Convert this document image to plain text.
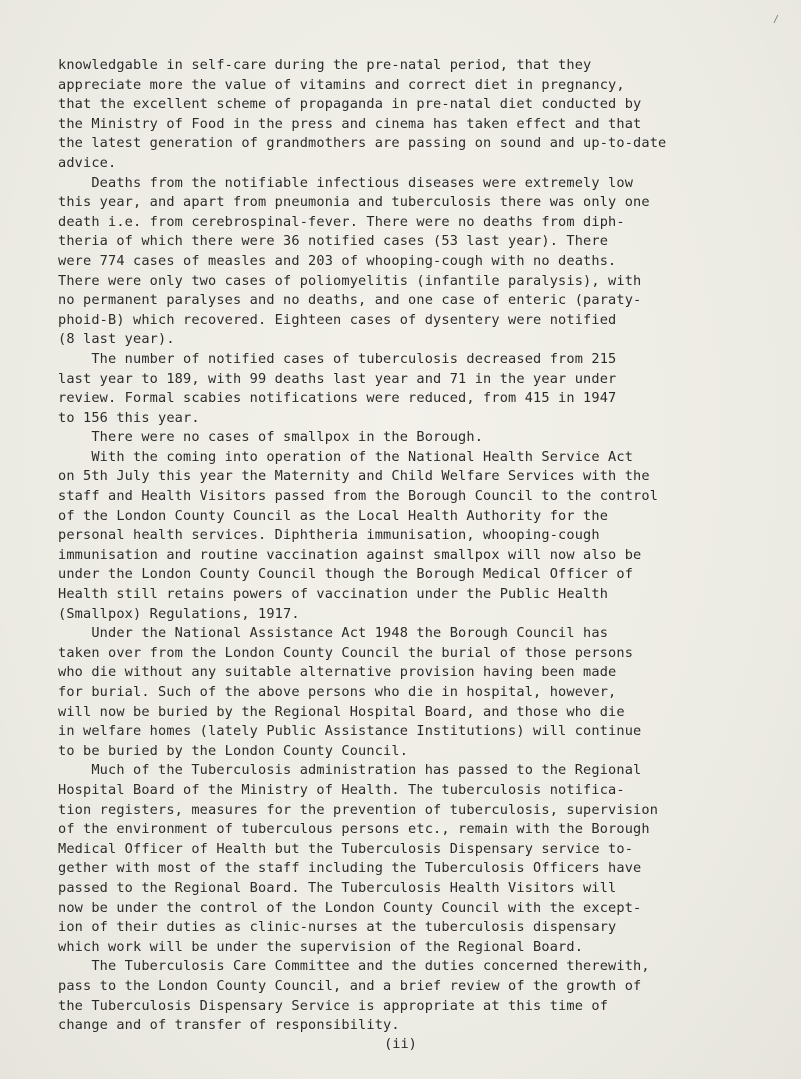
/

knowledgable in self-care during the pre-natal period, that they

appreciate more the value of vitamins and correct diet in pregnancy,

that the excellent scheme of propaganda in pre-natal diet conducted by

the Ministry of Food in the press and cinema has taken effect and that

the latest generation of grandmothers are passing on sound and up-to-date

advice.

Deaths from the notifiable infectious diseases were extremely low

this year, and apart from pneumonia and tuberculosis there was only one

death i.e. from cerebrospinal-fever. There were no deaths from diph-

theria of which there were 36 notified cases (53 last year). There

were 774 cases of measles and 203 of whooping-cough with no deaths.

There were only two cases of poliomyelitis (infantile paralysis), with

no permanent paralyses and no deaths, and one case of enteric (paraty-

phoid-B) which recovered. Eighteen cases of dysentery were notified

(8 last year).

The number of notified cases of tuberculosis decreased from 215

last year to 189, with 99 deaths last year and 71 in the year under

review. Formal scabies notifications were reduced, from 415 in 1947

to 156 this year.

There were no cases of smallpox in the Borough.

With the coming into operation of the National Health Service Act

on 5th July this year the Maternity and Child Welfare Services with the

staff and Health Visitors passed from the Borough Council to the control

of the London County Council as the Local Health Authority for the

personal health services. Diphtheria immunisation, whooping-cough

immunisation and routine vaccination against smallpox will now also be

under the London County Council though the Borough Medical Officer of

Health still retains powers of vaccination under the Public Health

(Smallpox) Regulations, 1917.

Under the National Assistance Act 1948 the Borough Council has

taken over from the London County Council the burial of those persons

who die without any suitable alternative provision having been made

for burial. Such of the above persons who die in hospital, however,

will now be buried by the Regional Hospital Board, and those who die

in welfare homes (lately Public Assistance Institutions) will continue

to be buried by the London County Council.

Much of the Tuberculosis administration has passed to the Regional

Hospital Board of the Ministry of Health. The tuberculosis notifica-

tion registers, measures for the prevention of tuberculosis, supervision

of the environment of tuberculous persons etc., remain with the Borough

Medical Officer of Health but the Tuberculosis Dispensary service to-

gether with most of the staff including the Tuberculosis Officers have

passed to the Regional Board. The Tuberculosis Health Visitors will

now be under the control of the London County Council with the except-

ion of their duties as clinic-nurses at the tuberculosis dispensary

which work will be under the supervision of the Regional Board.

The Tuberculosis Care Committee and the duties concerned therewith,

pass to the London County Council, and a brief review of the growth of

the Tuberculosis Dispensary Service is appropriate at this time of

change and of transfer of responsibility.

(ii)
